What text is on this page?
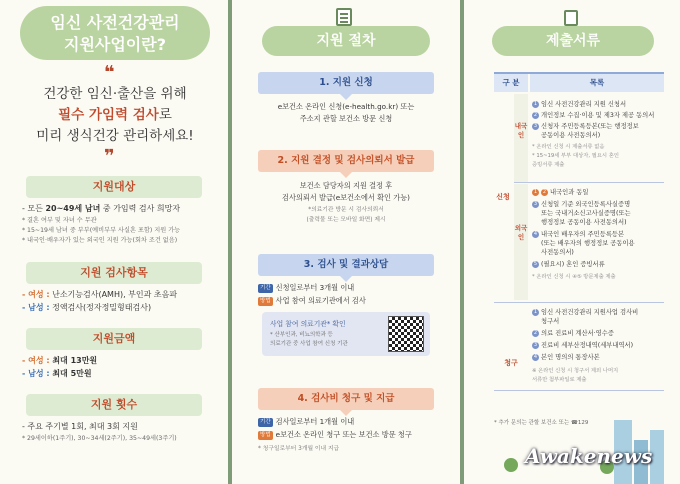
임신 사전건강관리
지원사업이란?
❝
건강한 임신·출산을 위해
필수 가임력 검사로
미리 생식건강 관리하세요!
❞
지원대상
- 모든 20~49세 남녀 중 가임력 검사 희망자
* 결혼 여부 및 자녀 수 무관
* 15~19세 남녀 중 부부(예비부부 사실혼 포함) 지원 가능
* 내국인·배우자가 있는 외국인 지원 가능(회차 조건 없음)
지원 검사항목
- 여성 : 난소기능검사(AMH), 부인과 초음파
- 남성 : 정액검사(정자정밀형태검사)
지원금액
- 여성 : 최대 13만원
- 남성 : 최대 5만원
지원 횟수
- 주요 주기별 1회, 최대 3회 지원
* 29세이하(1주기), 30~34세(2주기), 35~49세(3주기)
지원 절차
1. 지원 신청
e보건소 온라인 신청(e-health.go.kr) 또는
주소지 관할 보건소 방문 신청
2. 지원 결정 및 검사의뢰서 발급
보건소 담당자의 지원 결정 후
검사의뢰서 발급(e보건소에서 확인 가능)
*의료기관 방문 시 검사의뢰서
(출력물 또는 모바일 화면) 제시
3. 검사 및 결과상담
기간 신청일로부터 3개월 이내
방법 사업 참여 의료기관에서 검사
사업 참여 의료기관* 확인
* 산부인과, 비뇨의학과 등
의료기관 중 사업 참여 신청 기관
4. 검사비 청구 및 지급
기간 검사일로부터 1개월 이내
방법 e보건소 온라인 청구 또는 보건소 방문 청구
* 청구일로부터 3개월 이내 지급
제출서류
구 분	목록
신청
내국인
1 임신 사전건강관리 지원 신청서
2 개인정보 수집·이용 및 제3자 제공 동의서
3 신청자 주민등록등본(또는 행정정보
공동이용 사전동의서)
* 온라인 신청 시 제출서류 없음
* 15~19세 부부 대상자, 필요시 혼인
증빙서류 제출
외국인
1 2 내국인과 동일
3 신청일 기준 외국인등록사실증명
또는 국내거소신고사실증명(또는
행정정보 공동이용 사전동의서)
4 내국인 배우자의 주민등록등본
(또는 배우자의 행정정보 공동이용
사전동의서)
5 (필요시) 혼인 증빙서류
* 온라인 신청 시 ④⑤ 방문제출 제출
청구
1 임신 사전건강관리 지원사업 검사비
청구서
2 의료 진료비 계산서·영수증
3 진료비 세부산정내역(세부내역서)
4 본인 명의의 통장사본
※ 온라인 신청 시 청구서 제외 나머지
서류만 첨부파일로 제출
* 추가 문의는 관할 보건소 또는 ☎129
Awakenews
